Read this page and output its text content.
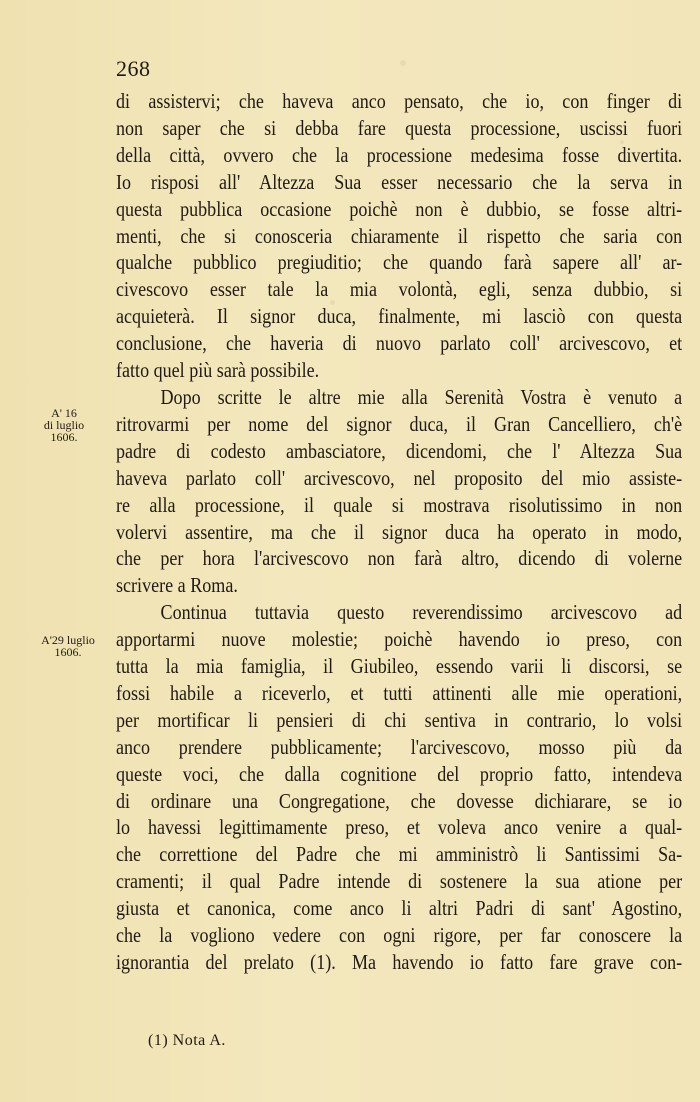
268
A' 16
di luglio
1606.
A'29 luglio
1606.
di assistervi; che haveva anco pensato, che io, con finger di
non saper che si debba fare questa processione, uscissi fuori
della città, ovvero che la processione medesima fosse divertita.
Io risposi all' Altezza Sua esser necessario che la serva in
questa pubblica occasione poichè non è dubbio, se fosse altri-
menti, che si conosceria chiaramente il rispetto che saria con
qualche pubblico pregiuditio; che quando farà sapere all' ar-
civescovo esser tale la mia volontà, egli, senza dubbio, si
acquieterà. Il signor duca, finalmente, mi lasciò con questa
conclusione, che haveria di nuovo parlato coll' arcivescovo, et
fatto quel più sarà possibile.
Dopo scritte le altre mie alla Serenità Vostra è venuto a
ritrovarmi per nome del signor duca, il Gran Cancelliero, ch'è
padre di codesto ambasciatore, dicendomi, che l' Altezza Sua
haveva parlato coll' arcivescovo, nel proposito del mio assiste-
re alla processione, il quale si mostrava risolutissimo in non
volervi assentire, ma che il signor duca ha operato in modo,
che per hora l'arcivescovo non farà altro, dicendo di volerne
scrivere a Roma.
Continua tuttavia questo reverendissimo arcivescovo ad
apportarmi nuove molestie; poichè havendo io preso, con
tutta la mia famiglia, il Giubileo, essendo varii li discorsi, se
fossi habile a riceverlo, et tutti attinenti alle mie operationi,
per mortificar li pensieri di chi sentiva in contrario, lo volsi
anco prendere pubblicamente; l'arcivescovo, mosso più da
queste voci, che dalla cognitione del proprio fatto, intendeva
di ordinare una Congregatione, che dovesse dichiarare, se io
lo havessi legittimamente preso, et voleva anco venire a qual-
che correttione del Padre che mi amministrò li Santissimi Sa-
cramenti; il qual Padre intende di sostenere la sua atione per
giusta et canonica, come anco li altri Padri di sant' Agostino,
che la vogliono vedere con ogni rigore, per far conoscere la
ignorantia del prelato (1). Ma havendo io fatto fare grave con-
(1) Nota A.
